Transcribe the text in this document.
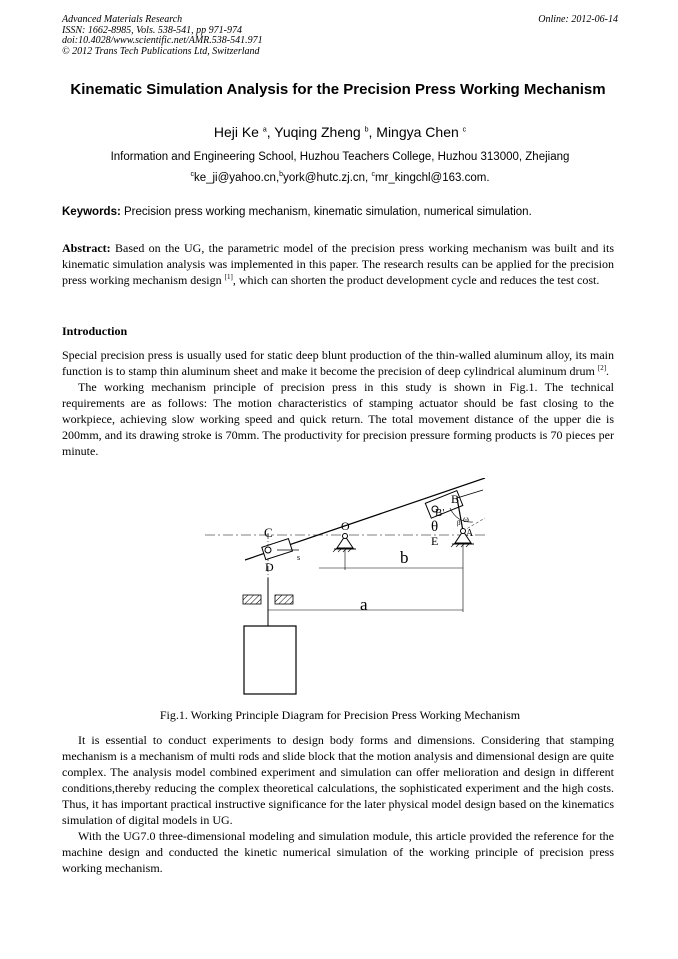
Advanced Materials Research
ISSN: 1662-8985, Vols. 538-541, pp 971-974
doi:10.4028/www.scientific.net/AMR.538-541.971
© 2012 Trans Tech Publications Ltd, Switzerland
Online: 2012-06-14
Kinematic Simulation Analysis for the Precision Press Working Mechanism
Heji Ke $^a$, Yuqing Zheng $^b$, Mingya Chen $^c$
Information and Engineering School, Huzhou Teachers College, Huzhou 313000, Zhejiang
$^c$ke_ji@yahoo.cn,$^b$york@hutc.zj.cn, $^c$mr_kingchl@163.com.
Keywords: Precision press working mechanism, kinematic simulation, numerical simulation.
Abstract: Based on the UG, the parametric model of the precision press working mechanism was built and its kinematic simulation analysis was implemented in this paper. The research results can be applied for the precision press working mechanism design [1], which can shorten the product development cycle and reduces the test cost.
Introduction

Special precision press is usually used for static deep blunt production of the thin-walled aluminum alloy, its main function is to stamp thin aluminum sheet and make it become the precision of deep cylindrical aluminum drum [2].

The working mechanism principle of precision press in this study is shown in Fig.1. The technical requirements are as follows: The motion characteristics of stamping actuator should be fast closing to the workpiece, achieving slow working speed and quick return. The total movement distance of the upper die is 200mm, and its drawing stroke is 70mm. The productivity for precision pressure forming products is 70 pieces per minute.

C	O
D
s	b
a
B
B'
θ
E
A
ω
β
Fig.1. Working Principle Diagram for Precision Press Working Mechanism

It is essential to conduct experiments to design body forms and dimensions. Considering that stamping mechanism is a mechanism of multi rods and slide block that the motion analysis and dimensional design are quite complex. The analysis model combined experiment and simulation can offer melioration and design in different conditions,thereby reducing the complex theoretical calculations, the sophisticated experiment and the high costs. Thus, it has important practical instructive significance for the later physical model design based on the kinematics simulation of digital models in UG.

With the UG7.0 three-dimensional modeling and simulation module, this article provided the reference for the machine design and conducted the kinetic numerical simulation of the working principle of precision press working mechanism.
